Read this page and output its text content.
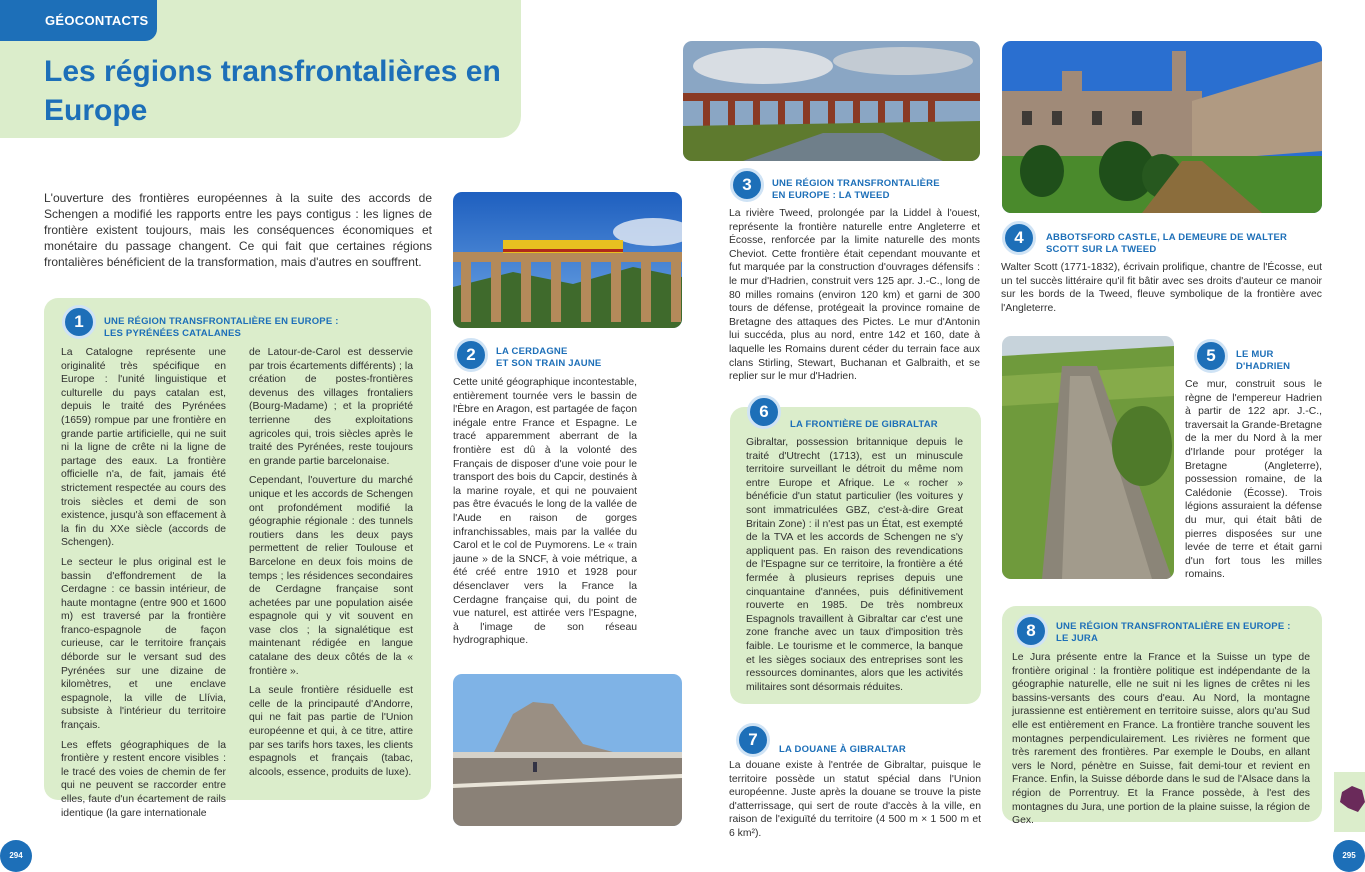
GÉOCONTACTS
Les régions transfrontalières en Europe
L'ouverture des frontières européennes à la suite des accords de Schengen a modifié les rapports entre les pays contigus : les lignes de frontière existent toujours, mais les conséquences économiques et monétaire du passage changent. Ce qui fait que certaines régions frontalières bénéficient de la transformation, mais d'autres en souffrent.
1	UNE RÉGION TRANSFRONTALIÈRE EN EUROPE :
LES PYRÉNÉES CATALANES

La Catalogne représente une originalité très spécifique en Europe : l'unité linguistique et culturelle du pays catalan est, depuis le traité des Pyrénées (1659) rompue par une frontière en grande partie artificielle, qui ne suit ni la ligne de crête ni la ligne de partage des eaux. La frontière officielle n'a, de fait, jamais été strictement respectée au cours des trois siècles et demi de son existence, jusqu'à son effacement à la fin du XXe siècle (accords de Schengen).

Le secteur le plus original est le bassin d'effondrement de la Cerdagne : ce bassin intérieur, de haute montagne (entre 900 et 1600 m) est traversé par la frontière franco-espagnole de façon curieuse, car le territoire français déborde sur le versant sud des Pyrénées sur une dizaine de kilomètres, et une enclave espagnole, la ville de Llívia, subsiste à l'intérieur du territoire français.

Les effets géographiques de la frontière y restent encore visibles : le tracé des voies de chemin de fer qui ne peuvent se raccorder entre elles, faute d'un écartement de rails identique (la gare internationale

de Latour-de-Carol est desservie par trois écartements différents) ; la création de postes-frontières devenus des villages frontaliers (Bourg-Madame) ; et la propriété terrienne des exploitations agricoles qui, trois siècles après le traité des Pyrénées, reste toujours en grande partie barcelonaise.

Cependant, l'ouverture du marché unique et les accords de Schengen ont profondément modifié la géographie régionale : des tunnels routiers dans les deux pays permettent de relier Toulouse et Barcelone en deux fois moins de temps ; les résidences secondaires de Cerdagne française sont achetées par une population aisée espagnole qui y vit souvent en vase clos ; la signalétique est maintenant rédigée en langue catalane des deux côtés de la « frontière ».

La seule frontière résiduelle est celle de la principauté d'Andorre, qui ne fait pas partie de l'Union européenne et qui, à ce titre, attire par ses tarifs hors taxes, les clients espagnols et français (tabac, alcools, essence, produits de luxe).

2	LA CERDAGNE
ET SON TRAIN JAUNE
Cette unité géographique incontestable, entièrement tournée vers le bassin de l'Èbre en Aragon, est partagée de façon inégale entre France et Espagne. Le tracé apparemment aberrant de la frontière est dû à la volonté des Français de disposer d'une voie pour le transport des bois du Capcir, destinés à la marine royale, et qui ne pouvaient pas être évacués le long de la vallée de l'Aude en raison de gorges infranchissables, mais par la vallée du Carol et le col de Puymorens. Le « train jaune » de la SNCF, à voie métrique, a été créé entre 1910 et 1928 pour désenclaver vers la France la Cerdagne française qui, du point de vue naturel, est attirée vers l'Espagne, à l'image de son réseau hydrographique.
3	UNE RÉGION TRANSFRONTALIÈRE
EN EUROPE : LA TWEED
La rivière Tweed, prolongée par la Liddel à l'ouest, représente la frontière naturelle entre Angleterre et Écosse, renforcée par la limite naturelle des monts Cheviot. Cette frontière était cependant mouvante et fut marquée par la construction d'ouvrages défensifs : le mur d'Hadrien, construit vers 125 apr. J.-C., long de 80 milles romains (environ 120 km) et garni de 300 tours de défense, protégeait la province romaine de Bretagne des attaques des Pictes. Le mur d'Antonin lui succéda, plus au nord, entre 142 et 160, date à laquelle les Romains durent céder du terrain face aux clans Stirling, Stewart, Buchanan et Galbraith, et se replier sur le mur d'Hadrien.
6
LA FRONTIÈRE DE GIBRALTAR
Gibraltar, possession britannique depuis le traité d'Utrecht (1713), est un minuscule territoire surveillant le détroit du même nom entre Europe et Afrique. Le « rocher » bénéficie d'un statut particulier (les voitures y sont immatriculées GBZ, c'est-à-dire Great Britain Zone) : il n'est pas un État, est exempté de la TVA et les accords de Schengen ne s'y appliquent pas. En raison des revendications de l'Espagne sur ce territoire, la frontière a été fermée à plusieurs reprises depuis une cinquantaine d'années, puis définitivement rouverte en 1985. De très nombreux Espagnols travaillent à Gibraltar car c'est une zone franche avec un taux d'imposition très faible. Le tourisme et le commerce, la banque et les sièges sociaux des entreprises sont les ressources dominantes, alors que les activités militaires sont désormais réduites.
7
LA DOUANE À GIBRALTAR
La douane existe à l'entrée de Gibraltar, puisque le territoire possède un statut spécial dans l'Union européenne. Juste après la douane se trouve la piste d'atterrissage, qui sert de route d'accès à la ville, en raison de l'exiguïté du territoire (4 500 m × 1 500 m et 6 km²).
4	ABBOTSFORD CASTLE, LA DEMEURE DE WALTER
SCOTT SUR LA TWEED
Walter Scott (1771-1832), écrivain prolifique, chantre de l'Écosse, eut un tel succès littéraire qu'il fit bâtir avec ses droits d'auteur ce manoir sur les bords de la Tweed, fleuve symbolique de la frontière avec l'Angleterre.
5	LE MUR
D'HADRIEN
Ce mur, construit sous le règne de l'empereur Hadrien à partir de 122 apr. J.-C., traversait la Grande-Bretagne de la mer du Nord à la mer d'Irlande pour protéger la Bretagne (Angleterre), possession romaine, de la Calédonie (Écosse). Trois légions assuraient la défense du mur, qui était bâti de pierres disposées sur une levée de terre et était garni d'un fort tous les milles romains.
8	UNE RÉGION TRANSFRONTALIÈRE EN EUROPE :
LE JURA
Le Jura présente entre la France et la Suisse un type de frontière original : la frontière politique est indépendante de la géographie naturelle, elle ne suit ni les lignes de crêtes ni les bassins-versants des cours d'eau. Au Nord, la montagne jurassienne est entièrement en territoire suisse, alors qu'au Sud elle est entièrement en France. La frontière tranche souvent les montagnes perpendiculairement. Les rivières ne forment que très rarement des frontières. Par exemple le Doubs, en allant vers le Nord, pénètre en Suisse, fait demi-tour et revient en France. Enfin, la Suisse déborde dans le sud de l'Alsace dans la région de Porrentruy. Et la France possède, à l'est des montagnes du Jura, une portion de la plaine suisse, la région de Gex.
294	295
